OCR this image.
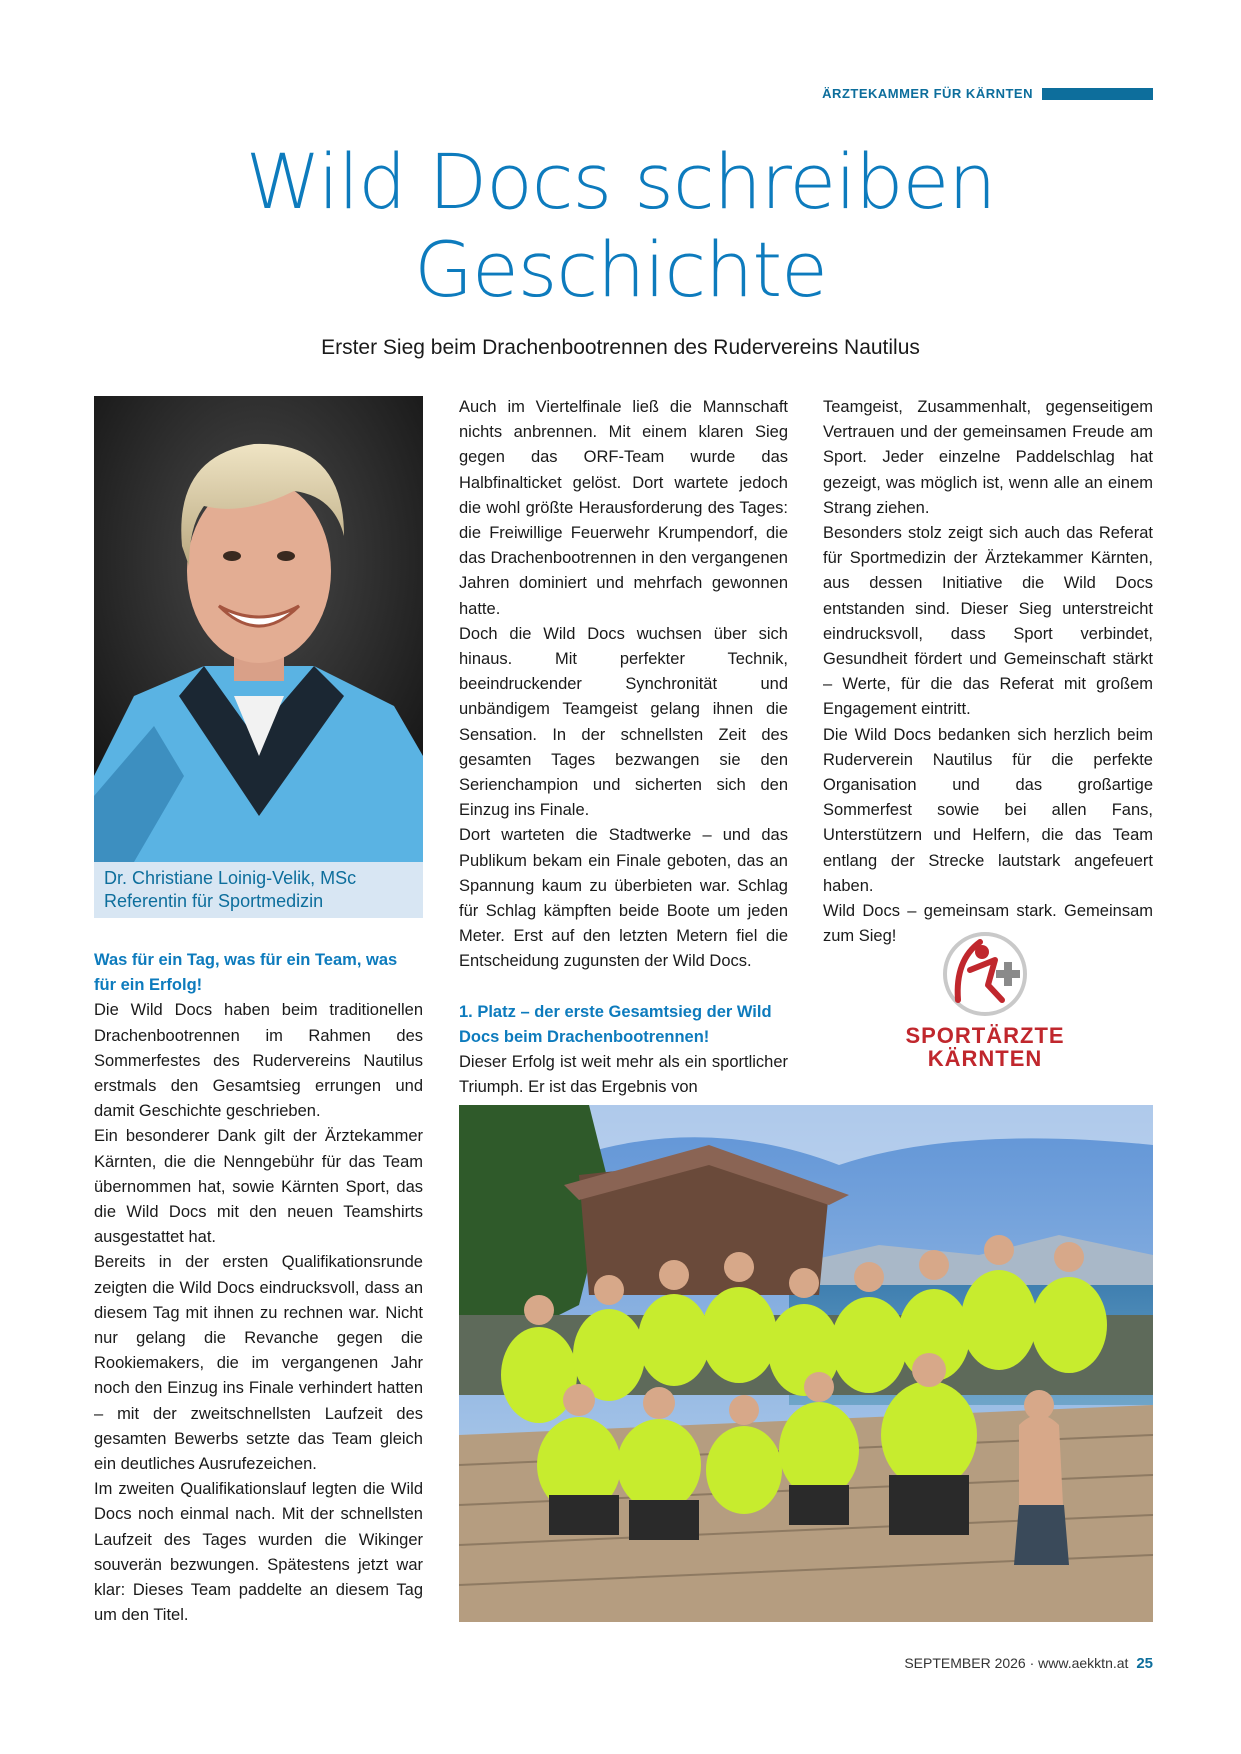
ÄRZTEKAMMER FÜR KÄRNTEN
Wild Docs schreiben
Geschichte
Erster Sieg beim Drachenbootrennen des Rudervereins Nautilus
Dr. Christiane Loinig-Velik, MSc
Referentin für Sportmedizin

Was für ein Tag, was für ein Team, was für ein Erfolg!

Die Wild Docs haben beim traditionellen Drachenbootrennen im Rahmen des Sommerfestes des Rudervereins Nautilus erstmals den Gesamtsieg errungen und damit Geschichte geschrieben.

Ein besonderer Dank gilt der Ärztekammer Kärnten, die die Nenngebühr für das Team übernommen hat, sowie Kärnten Sport, das die Wild Docs mit den neuen Teamshirts ausgestattet hat.

Bereits in der ersten Qualifikationsrunde zeigten die Wild Docs eindrucksvoll, dass an diesem Tag mit ihnen zu rechnen war. Nicht nur gelang die Revanche gegen die Rookiemakers, die im vergangenen Jahr noch den Einzug ins Finale verhindert hatten – mit der zweitschnellsten Laufzeit des gesamten Bewerbs setzte das Team gleich ein deutliches Ausrufezeichen.

Im zweiten Qualifikationslauf legten die Wild Docs noch einmal nach. Mit der schnellsten Laufzeit des Tages wurden die Wikinger souverän bezwungen. Spätestens jetzt war klar: Dieses Team paddelte an diesem Tag um den Titel.

Auch im Viertelfinale ließ die Mannschaft nichts anbrennen. Mit einem klaren Sieg gegen das ORF-Team wurde das Halbfinalticket gelöst. Dort wartete jedoch die wohl größte Herausforderung des Tages: die Freiwillige Feuerwehr Krumpendorf, die das Drachenbootrennen in den vergangenen Jahren dominiert und mehrfach gewonnen hatte.

Doch die Wild Docs wuchsen über sich hinaus. Mit perfekter Technik, beeindruckender Synchronität und unbändigem Teamgeist gelang ihnen die Sensation. In der schnellsten Zeit des gesamten Tages bezwangen sie den Serienchampion und sicherten sich den Einzug ins Finale.

Dort warteten die Stadtwerke – und das Publikum bekam ein Finale geboten, das an Spannung kaum zu überbieten war. Schlag für Schlag kämpften beide Boote um jeden Meter. Erst auf den letzten Metern fiel die Entscheidung zugunsten der Wild Docs.

1. Platz – der erste Gesamtsieg der Wild Docs beim Drachenbootrennen!

Dieser Erfolg ist weit mehr als ein sportlicher Triumph. Er ist das Ergebnis von

Teamgeist, Zusammenhalt, gegenseitigem Vertrauen und der gemeinsamen Freude am Sport. Jeder einzelne Paddelschlag hat gezeigt, was möglich ist, wenn alle an einem Strang ziehen.

Besonders stolz zeigt sich auch das Referat für Sportmedizin der Ärztekammer Kärnten, aus dessen Initiative die Wild Docs entstanden sind. Dieser Sieg unterstreicht eindrucksvoll, dass Sport verbindet, Gesundheit fördert und Gemeinschaft stärkt – Werte, für die das Referat mit großem Engagement eintritt.

Die Wild Docs bedanken sich herzlich beim Ruderverein Nautilus für die perfekte Organisation und das großartige Sommerfest sowie bei allen Fans, Unterstützern und Helfern, die das Team entlang der Strecke lautstark angefeuert haben.

Wild Docs – gemeinsam stark. Gemeinsam zum Sieg!

SPORTÄRZTE
KÄRNTEN
SEPTEMBER 2026 · www.aekktn.at 25
